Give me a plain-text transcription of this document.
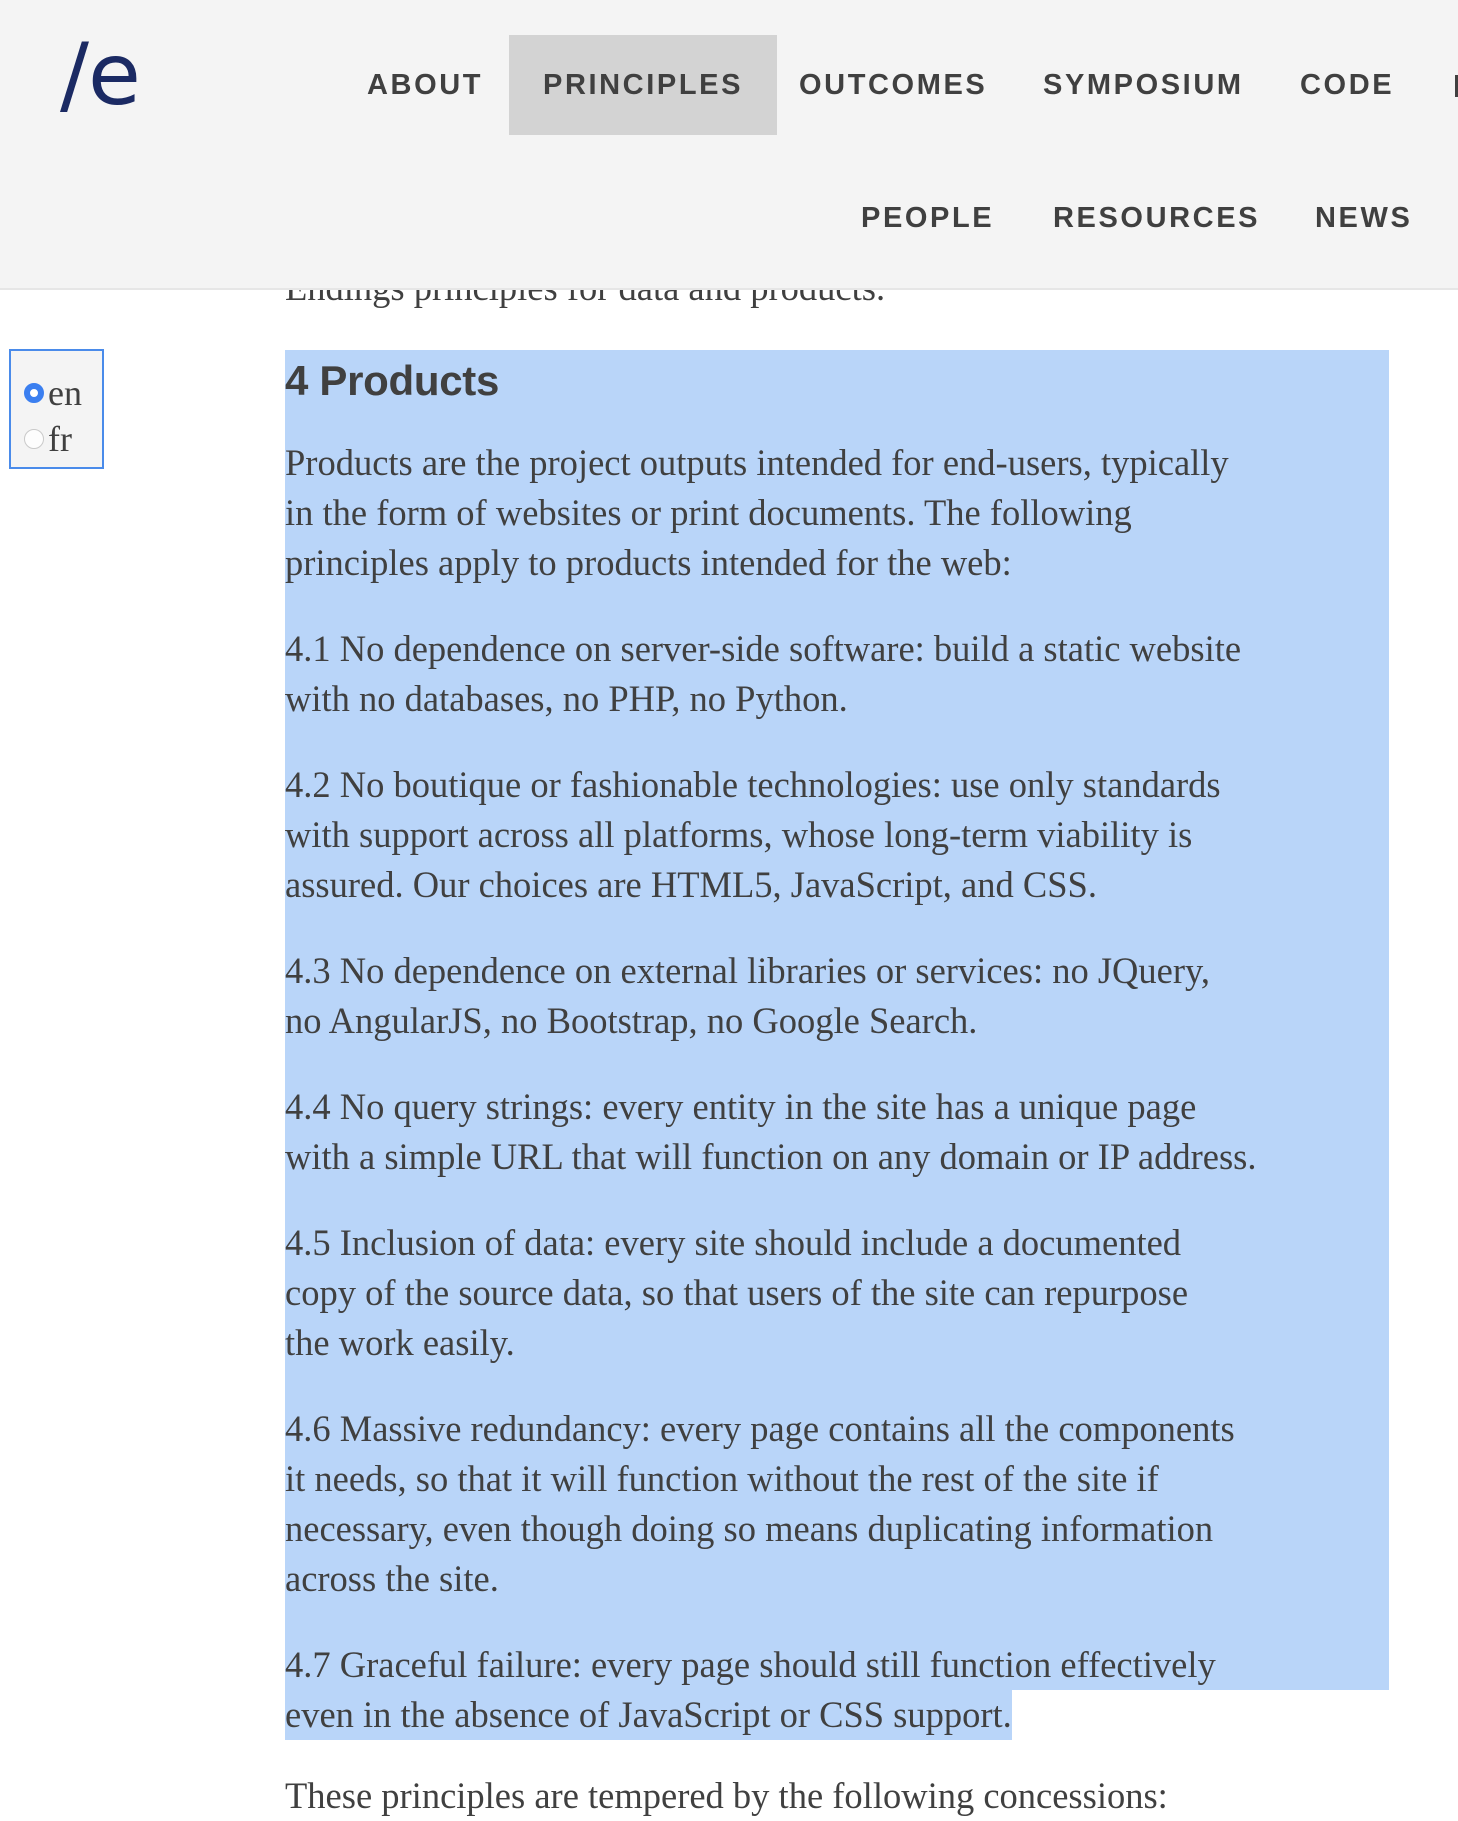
/e	ABOUT	PRINCIPLES	OUTCOMES	SYMPOSIUM	CODE
PEOPLE	RESOURCES	NEWS
en
fr
4 Products
Products are the project outputs intended for end-users, typically
in the form of websites or print documents. The following
principles apply to products intended for the web:
4.1 No dependence on server-side software: build a static website
with no databases, no PHP, no Python.
4.2 No boutique or fashionable technologies: use only standards
with support across all platforms, whose long-term viability is
assured. Our choices are HTML5, JavaScript, and CSS.
4.3 No dependence on external libraries or services: no JQuery,
no AngularJS, no Bootstrap, no Google Search.
4.4 No query strings: every entity in the site has a unique page
with a simple URL that will function on any domain or IP address.
4.5 Inclusion of data: every site should include a documented
copy of the source data, so that users of the site can repurpose
the work easily.
4.6 Massive redundancy: every page contains all the components
it needs, so that it will function without the rest of the site if
necessary, even though doing so means duplicating information
across the site.
4.7 Graceful failure: every page should still function effectively
even in the absence of JavaScript or CSS support.
These principles are tempered by the following concessions:
